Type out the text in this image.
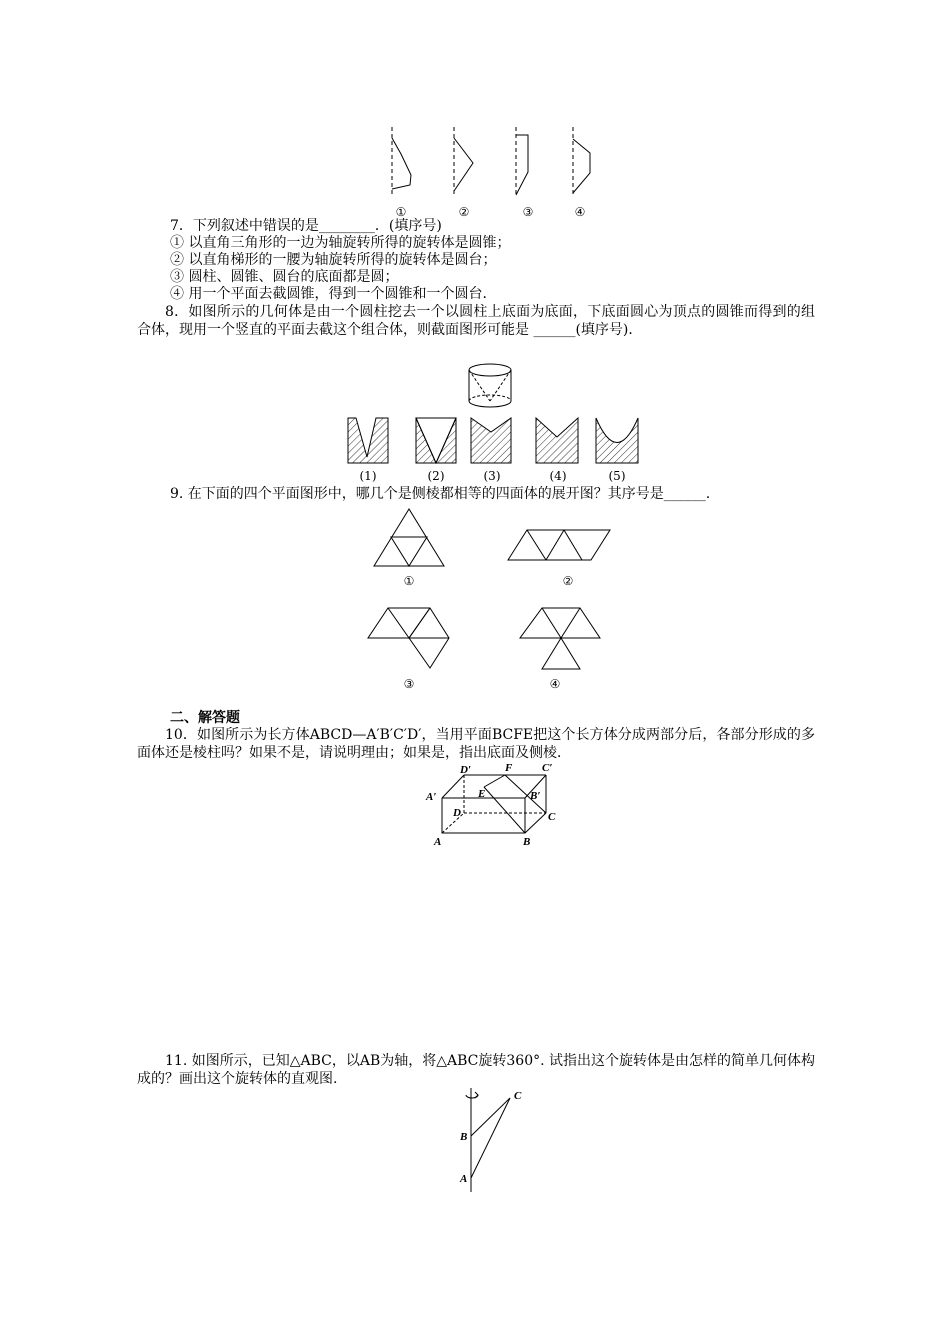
①	②	③	④
7．下列叙述中错误的是________．(填序号)
① 以直角三角形的一边为轴旋转所得的旋转体是圆锥；
② 以直角梯形的一腰为轴旋转所得的旋转体是圆台；
③ 圆柱、圆锥、圆台的底面都是圆；
④ 用一个平面去截圆锥，得到一个圆锥和一个圆台．
8．如图所示的几何体是由一个圆柱挖去一个以圆柱上底面为底面，下底面圆心为顶点的圆锥而得到的组合体，现用一个竖直的平面去截这个组合体，则截面图形可能是 ______(填序号)．
(1)	(2)	(3)	(4)	(5)
9. 在下面的四个平面图形中，哪几个是侧棱都相等的四面体的展开图？其序号是______.
①	②
③	④
二、解答题
10．如图所示为长方体ABCD—A′B′C′D′，当用平面BCFE把这个长方体分成两部分后，各部分形成的多面体还是棱柱吗？如果不是，请说明理由；如果是，指出底面及侧棱．
D′	F	C′
A′	B′
E
D	C
A	B
11. 如图所示，已知△ABC，以AB为轴，将△ABC旋转360°. 试指出这个旋转体是由怎样的简单几何体构成的？画出这个旋转体的直观图.
C
B
A
